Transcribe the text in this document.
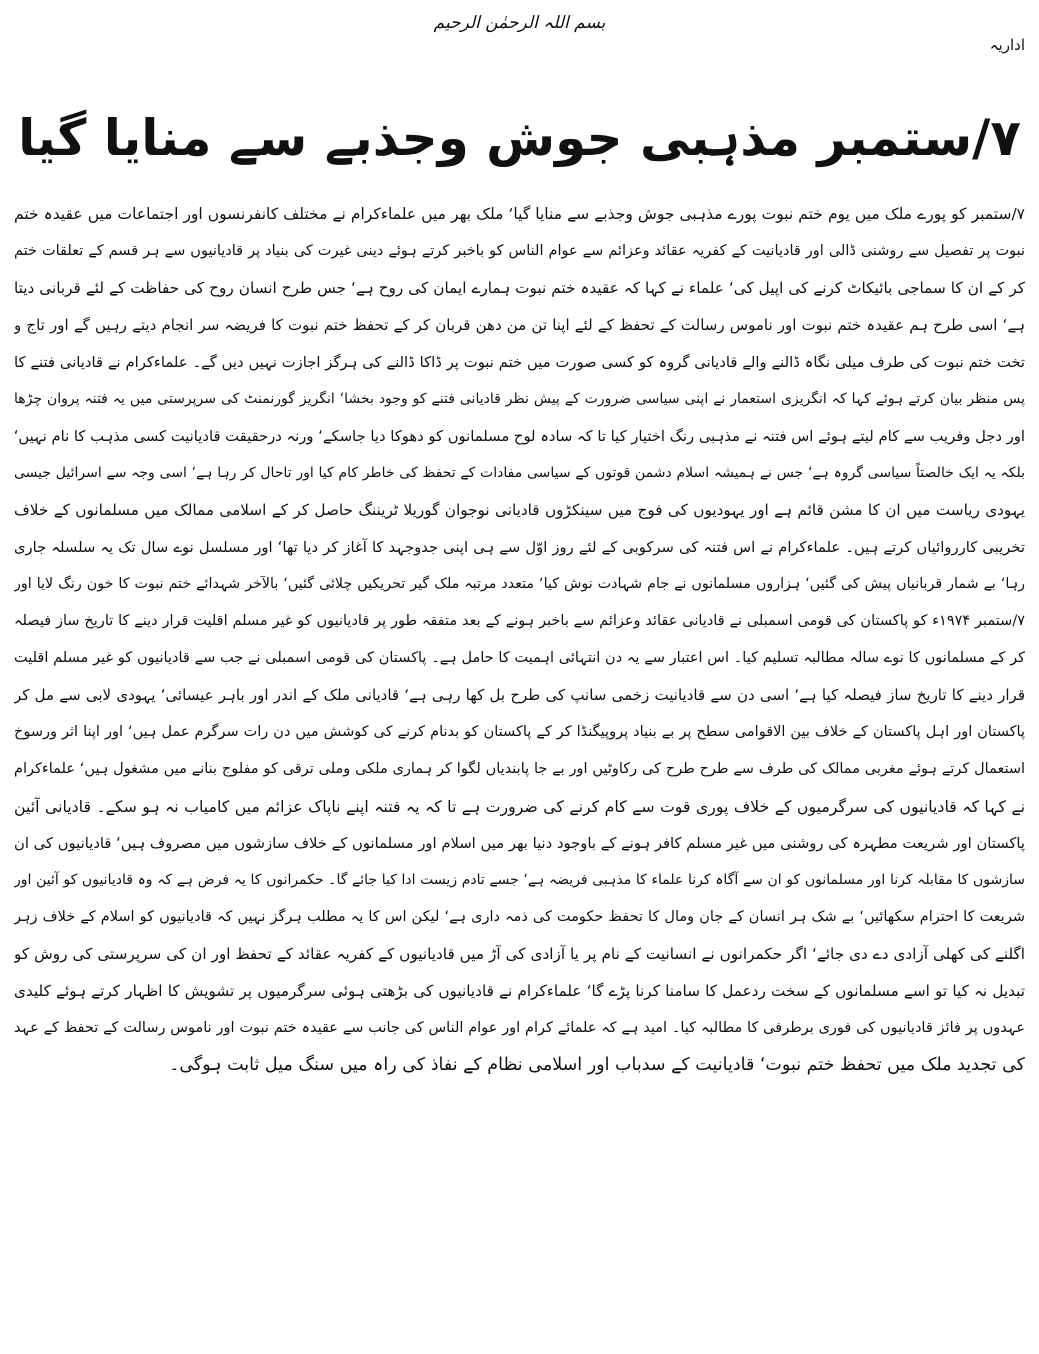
بسم اللہ الرحمٰن الرحیم
اداریہ
۷/ستمبر مذہبی جوش وجذبے سے منایا گیا
۷/ستمبر کو پورے ملک میں یوم ختم نبوت پورے مذہبی جوش وجذبے سے منایا گیا‘ ملک بھر میں علماءکرام نے مختلف کانفرنسوں اور اجتماعات میں عقیدہ ختم
نبوت پر تفصیل سے روشنی ڈالی اور قادیانیت کے کفریہ عقائد وعزائم سے عوام الناس کو باخبر کرتے ہوئے دینی غیرت کی بنیاد پر قادیانیوں سے ہر قسم کے تعلقات ختم
کر کے ان کا سماجی بائیکاٹ کرنے کی اپیل کی‘ علماء نے کہا کہ عقیدہ ختم نبوت ہمارے ایمان کی روح ہے‘ جس طرح انسان روح کی حفاظت کے لئے قربانی دیتا
ہے‘ اسی طرح ہم عقیدہ ختم نبوت اور ناموس رسالت کے تحفظ کے لئے اپنا تن من دھن قربان کر کے تحفظ ختم نبوت کا فریضہ سر انجام دیتے رہیں گے اور تاج و
تخت ختم نبوت کی طرف میلی نگاہ ڈالنے والے قادیانی گروہ کو کسی صورت میں ختم نبوت پر ڈاکا ڈالنے کی ہرگز اجازت نہیں دیں گے۔ علماءکرام نے قادیانی فتنے کا
پس منظر بیان کرتے ہوئے کہا کہ انگریزی استعمار نے اپنی سیاسی ضرورت کے پیش نظر قادیانی فتنے کو وجود بخشا‘ انگریز گورنمنٹ کی سرپرستی میں یہ فتنہ پروان چڑھا
اور دجل وفریب سے کام لیتے ہوئے اس فتنہ نے مذہبی رنگ اختیار کیا تا کہ سادہ لوح مسلمانوں کو دھوکا دیا جاسکے‘ ورنہ درحقیقت قادیانیت کسی مذہب کا نام نہیں‘
بلکہ یہ ایک خالصتاً سیاسی گروہ ہے‘ جس نے ہمیشہ اسلام دشمن قوتوں کے سیاسی مفادات کے تحفظ کی خاطر کام کیا اور تاحال کر رہا ہے‘ اسی وجہ سے اسرائیل جیسی
یہودی ریاست میں ان کا مشن قائم ہے اور یہودیوں کی فوج میں سینکڑوں قادیانی نوجوان گوریلا ٹریننگ حاصل کر کے اسلامی ممالک میں مسلمانوں کے خلاف
تخریبی کارروائیاں کرتے ہیں۔ علماءکرام نے اس فتنہ کی سرکوبی کے لئے روز اوّل سے ہی اپنی جدوجہد کا آغاز کر دیا تھا‘ اور مسلسل نوے سال تک یہ سلسلہ جاری
رہا‘ بے شمار قربانیاں پیش کی گئیں‘ ہزاروں مسلمانوں نے جام شہادت نوش کیا‘ متعدد مرتبہ ملک گیر تحریکیں چلائی گئیں‘ بالآخر شہدائے ختم نبوت کا خون رنگ لایا اور
۷/ستمبر ۱۹۷۴ء کو پاکستان کی قومی اسمبلی نے قادیانی عقائد وعزائم سے باخبر ہونے کے بعد متفقہ طور پر قادیانیوں کو غیر مسلم اقلیت قرار دینے کا تاریخ ساز فیصلہ
کر کے مسلمانوں کا نوے سالہ مطالبہ تسلیم کیا۔ اس اعتبار سے یہ دن انتہائی اہمیت کا حامل ہے۔ پاکستان کی قومی اسمبلی نے جب سے قادیانیوں کو غیر مسلم اقلیت
قرار دینے کا تاریخ ساز فیصلہ کیا ہے‘ اسی دن سے قادیانیت زخمی سانپ کی طرح بل کھا رہی ہے‘ قادیانی ملک کے اندر اور باہر عیسائی‘ یہودی لابی سے مل کر
پاکستان اور اہل پاکستان کے خلاف بین الاقوامی سطح پر بے بنیاد پروپیگنڈا کر کے پاکستان کو بدنام کرنے کی کوشش میں دن رات سرگرم عمل ہیں‘ اور اپنا اثر ورسوخ
استعمال کرتے ہوئے مغربی ممالک کی طرف سے طرح طرح کی رکاوٹیں اور بے جا پابندیاں لگوا کر ہماری ملکی وملی ترقی کو مفلوج بنانے میں مشغول ہیں‘ علماءکرام
نے کہا کہ قادیانیوں کی سرگرمیوں کے خلاف پوری قوت سے کام کرنے کی ضرورت ہے تا کہ یہ فتنہ اپنے ناپاک عزائم میں کامیاب نہ ہو سکے۔ قادیانی آئین
پاکستان اور شریعت مطہرہ کی روشنی میں غیر مسلم کافر ہونے کے باوجود دنیا بھر میں اسلام اور مسلمانوں کے خلاف سازشوں میں مصروف ہیں‘ قادیانیوں کی ان
سازشوں کا مقابلہ کرنا اور مسلمانوں کو ان سے آگاہ کرنا علماء کا مذہبی فریضہ ہے‘ جسے تادم زیست ادا کیا جائے گا۔ حکمرانوں کا یہ فرض ہے کہ وہ قادیانیوں کو آئین اور
شریعت کا احترام سکھائیں‘ بے شک ہر انسان کے جان ومال کا تحفظ حکومت کی ذمہ داری ہے‘ لیکن اس کا یہ مطلب ہرگز نہیں کہ قادیانیوں کو اسلام کے خلاف زہر
اگلنے کی کھلی آزادی دے دی جائے‘ اگر حکمرانوں نے انسانیت کے نام پر یا آزادی کی آڑ میں قادیانیوں کے کفریہ عقائد کے تحفظ اور ان کی سرپرستی کی روش کو
تبدیل نہ کیا تو اسے مسلمانوں کے سخت ردعمل کا سامنا کرنا پڑے گا‘ علماءکرام نے قادیانیوں کی بڑھتی ہوئی سرگرمیوں پر تشویش کا اظہار کرتے ہوئے کلیدی
عہدوں پر فائز قادیانیوں کی فوری برطرفی کا مطالبہ کیا۔ امید ہے کہ علمائے کرام اور عوام الناس کی جانب سے عقیدہ ختم نبوت اور ناموس رسالت کے تحفظ کے عہد
کی تجدید ملک میں تحفظ ختم نبوت‘ قادیانیت کے سدباب اور اسلامی نظام کے نفاذ کی راہ میں سنگ میل ثابت ہوگی۔
